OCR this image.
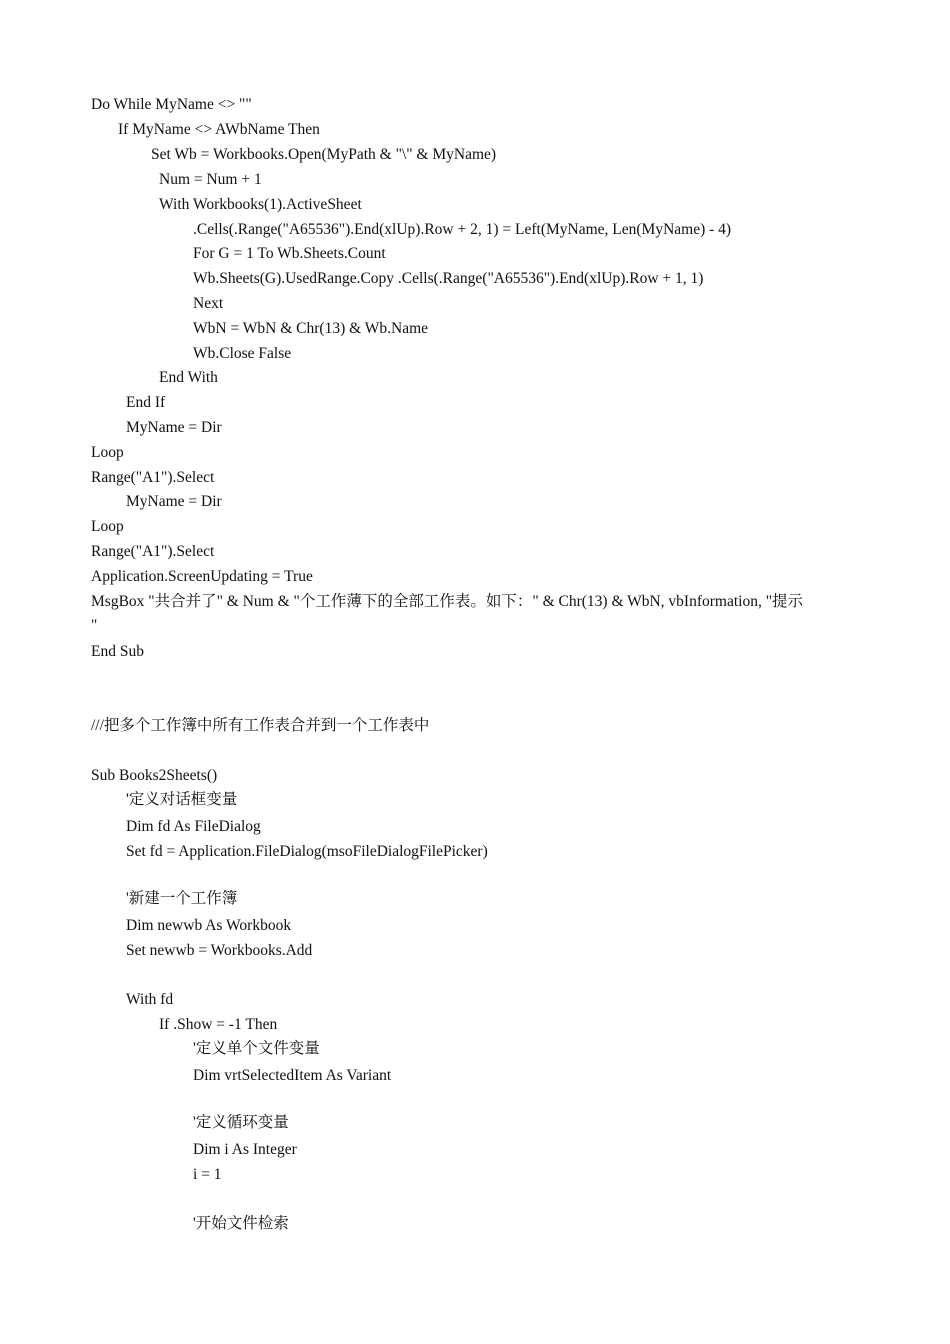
Do While MyName <> ""
If MyName <> AWbName Then
Set Wb = Workbooks.Open(MyPath & "\" & MyName)
Num = Num + 1
With Workbooks(1).ActiveSheet
.Cells(.Range("A65536").End(xlUp).Row + 2, 1) = Left(MyName, Len(MyName) - 4)
For G = 1 To Wb.Sheets.Count
Wb.Sheets(G).UsedRange.Copy .Cells(.Range("A65536").End(xlUp).Row + 1, 1)
Next
WbN = WbN & Chr(13) & Wb.Name
Wb.Close False
End With
End If
MyName = Dir
Loop
Range("A1").Select
MyName = Dir
Loop
Range("A1").Select
Application.ScreenUpdating = True
MsgBox "共合并了" & Num & "个工作薄下的全部工作表。如下：" & Chr(13) & WbN, vbInformation, "提示
"
End Sub
///把多个工作簿中所有工作表合并到一个工作表中
Sub Books2Sheets()
'定义对话框变量
Dim fd As FileDialog
Set fd = Application.FileDialog(msoFileDialogFilePicker)
'新建一个工作簿
Dim newwb As Workbook
Set newwb = Workbooks.Add
With fd
If .Show = -1 Then
'定义单个文件变量
Dim vrtSelectedItem As Variant
'定义循环变量
Dim i As Integer
i = 1
'开始文件检索
